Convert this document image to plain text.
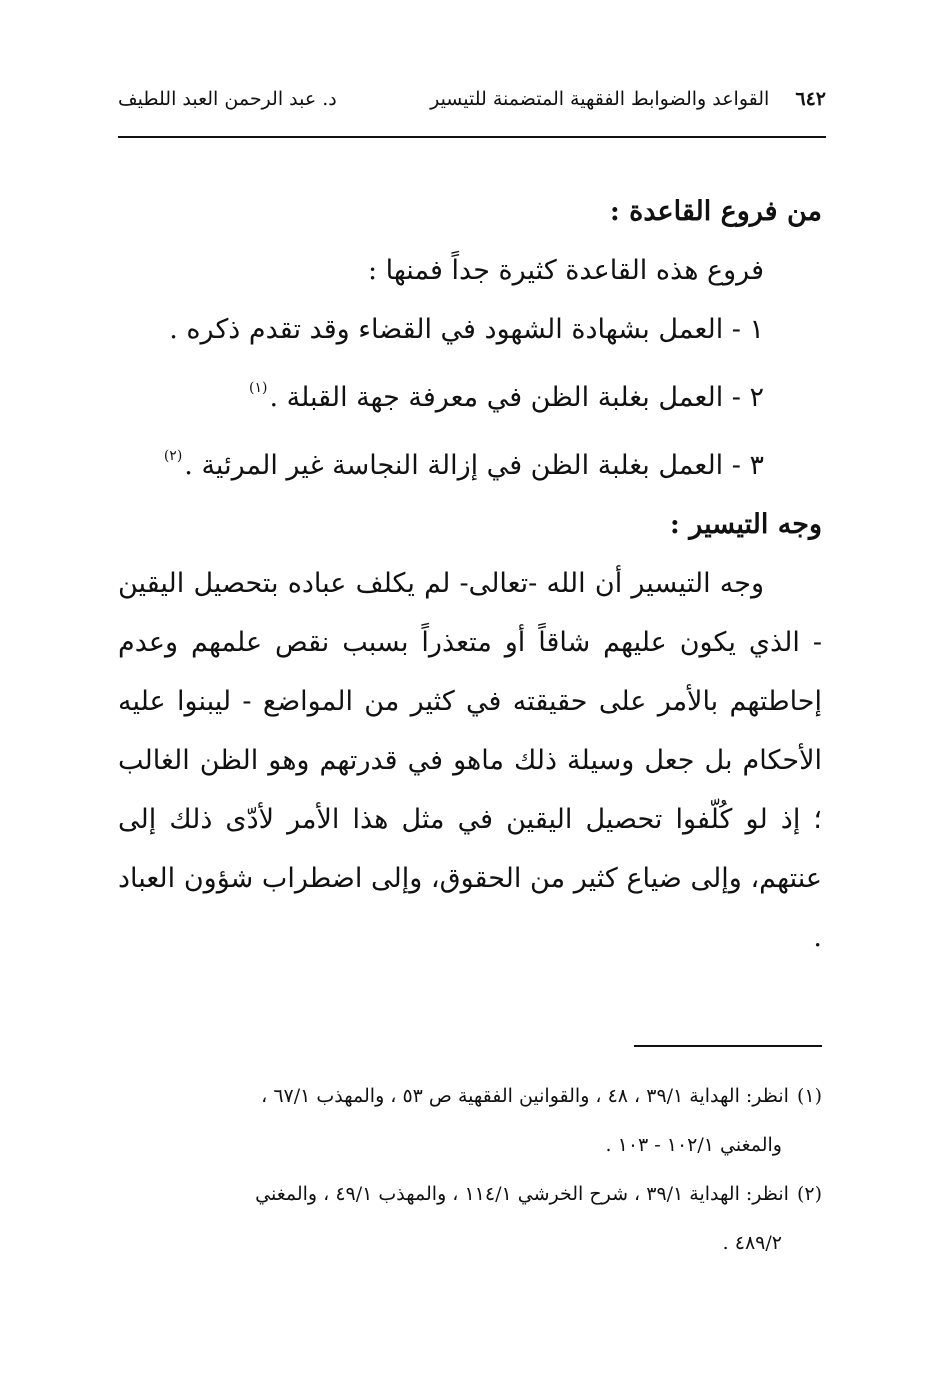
٦٤٢ القواعد والضوابط الفقهية المتضمنة للتيسير
د. عبد الرحمن العبد اللطيف

من فروع القاعدة :

فروع هذه القاعدة كثيرة جداً فمنها :

١ - العمل بشهادة الشهود في القضاء وقد تقدم ذكره .

٢ - العمل بغلبة الظن في معرفة جهة القبلة .$^{(١)}$

٣ - العمل بغلبة الظن في إزالة النجاسة غير المرئية .$^{(٢)}$

وجه التيسير :

وجه التيسير أن الله -تعالى- لم يكلف عباده بتحصيل اليقين - الذي يكون عليهم شاقاً أو متعذراً بسبب نقص علمهم وعدم إحاطتهم بالأمر على حقيقته في كثير من المواضع - ليبنوا عليه الأحكام بل جعل وسيلة ذلك ماهو في قدرتهم وهو الظن الغالب ؛ إذ لو كُلّفوا تحصيل اليقين في مثل هذا الأمر لأدّى ذلك إلى عنتهم، وإلى ضياع كثير من الحقوق، وإلى اضطراب شؤون العباد .

(١)انظر: الهداية ٣٩/١ ، ٤٨ ، والقوانين الفقهية ص ٥٣ ، والمهذب ٦٧/١ ،
والمغني ١٠٢/١ - ١٠٣ .

(٢)انظر: الهداية ٣٩/١ ، شرح الخرشي ١١٤/١ ، والمهذب ٤٩/١ ، والمغني
٤٨٩/٢ .
